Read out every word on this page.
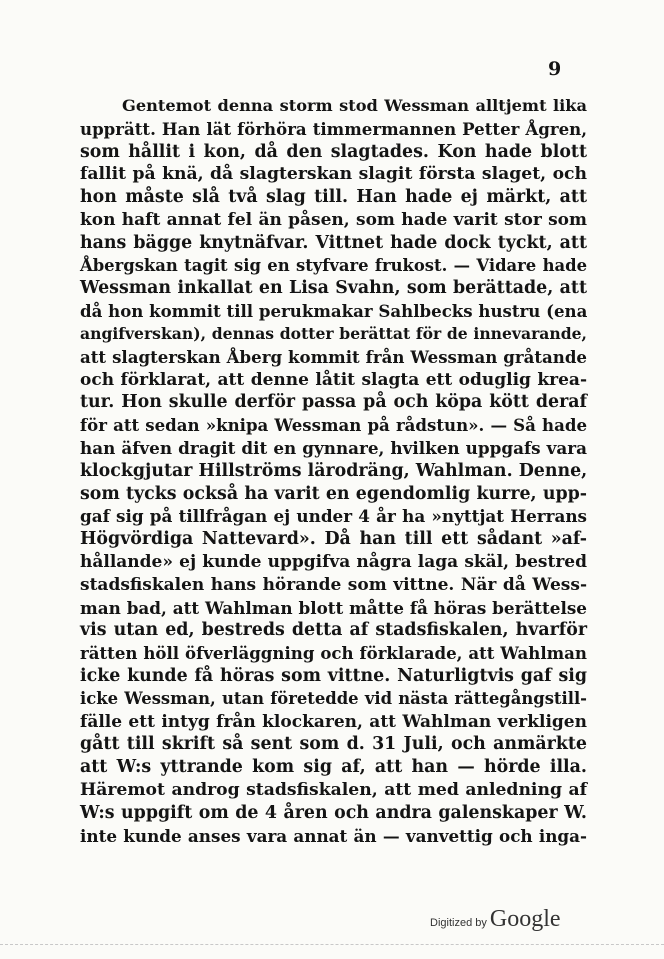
9
Gentemot denna storm stod Wessman alltjemt lika
upprätt. Han lät förhöra timmermannen Petter Ågren,
som hållit i kon, då den slagtades. Kon hade blott
fallit på knä, då slagterskan slagit första slaget, och
hon måste slå två slag till. Han hade ej märkt, att
kon haft annat fel än påsen, som hade varit stor som
hans bägge knytnäfvar. Vittnet hade dock tyckt, att
Åbergskan tagit sig en styfvare frukost. — Vidare hade
Wessman inkallat en Lisa Svahn, som berättade, att
då hon kommit till perukmakar Sahlbecks hustru (ena
angifverskan), dennas dotter berättat för de innevarande,
att slagterskan Åberg kommit från Wessman gråtande
och förklarat, att denne låtit slagta ett oduglig krea-
tur. Hon skulle derför passa på och köpa kött deraf
för att sedan »knipa Wessman på rådstun». — Så hade
han äfven dragit dit en gynnare, hvilken uppgafs vara
klockgjutar Hillströms lärodräng, Wahlman. Denne,
som tycks också ha varit en egendomlig kurre, upp-
gaf sig på tillfrågan ej under 4 år ha »nyttjat Herrans
Högvördiga Nattevard». Då han till ett sådant »af-
hållande» ej kunde uppgifva några laga skäl, bestred
stadsfiskalen hans hörande som vittne. När då Wess-
man bad, att Wahlman blott måtte få höras berättelse
vis utan ed, bestreds detta af stadsfiskalen, hvarför
rätten höll öfverläggning och förklarade, att Wahlman
icke kunde få höras som vittne. Naturligtvis gaf sig
icke Wessman, utan företedde vid nästa rättegångstill-
fälle ett intyg från klockaren, att Wahlman verkligen
gått till skrift så sent som d. 31 Juli, och anmärkte
att W:s yttrande kom sig af, att han — hörde illa.
Häremot androg stadsfiskalen, att med anledning af
W:s uppgift om de 4 åren och andra galenskaper W.
inte kunde anses vara annat än — vanvettig och inga-
Digitized by Google
